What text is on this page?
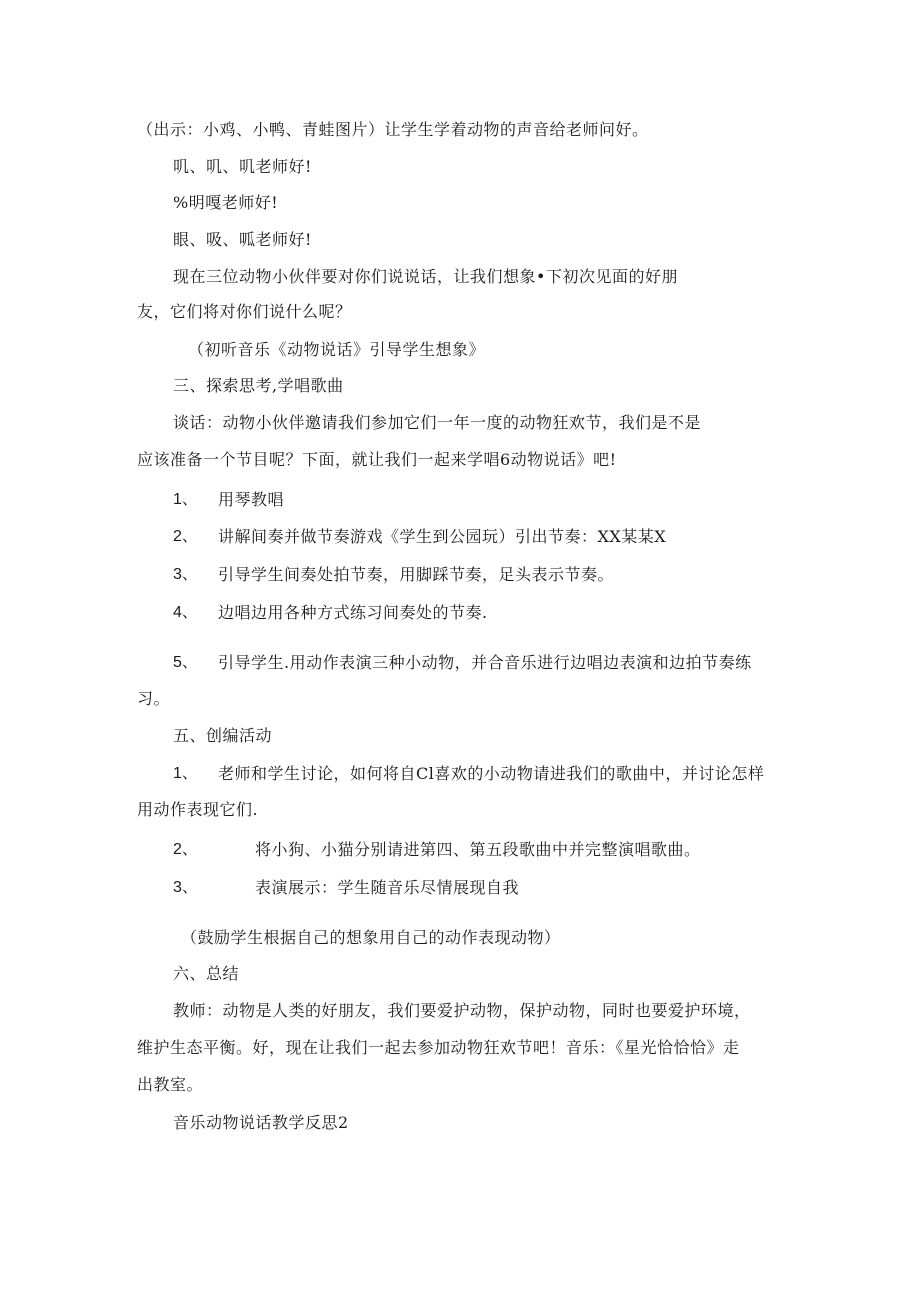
（出示：小鸡、小鸭、青蛙图片）让学生学着动物的声音给老师问好。
叽、叽、叽老师好!
%明嘎老师好!
眼、吸、呱老师好!
现在三位动物小伙伴要对你们说说话，让我们想象•下初次见面的好朋
友，它们将对你们说什么呢？
（初听音乐《动物说话》引导学生想象》
三、探索思考,学唱歌曲
谈话：动物小伙伴邀请我们参加它们一年一度的动物狂欢节，我们是不是
应该准备一个节目呢？下面，就让我们一起来学唱6动物说话》吧!
1、 用琴教唱
2、 讲解间奏并做节奏游戏《学生到公园玩）引出节奏：XX某某X
3、 引导学生间奏处拍节奏，用脚踩节奏，足头表示节奏。
4、 边唱边用各种方式练习间奏处的节奏.
5、 引导学生.用动作表演三种小动物，并合音乐进行边唱边表演和边拍节奏练
习。
五、创编活动
1、 老师和学生讨论，如何将自Cl喜欢的小动物请进我们的歌曲中，并讨论怎样
用动作表现它们.
2、	将小狗、小猫分别请进第四、第五段歌曲中并完整演唱歌曲。
3、	表演展示：学生随音乐尽情展现自我
（鼓励学生根据自己的想象用自己的动作表现动物）
六、总结
教师：动物是人类的好朋友，我们要爱护动物，保护动物，同时也要爱护环境，
维护生态平衡。好，现在让我们一起去参加动物狂欢节吧！音乐：《星光恰恰恰》走
出教室。
音乐动物说话教学反思2
